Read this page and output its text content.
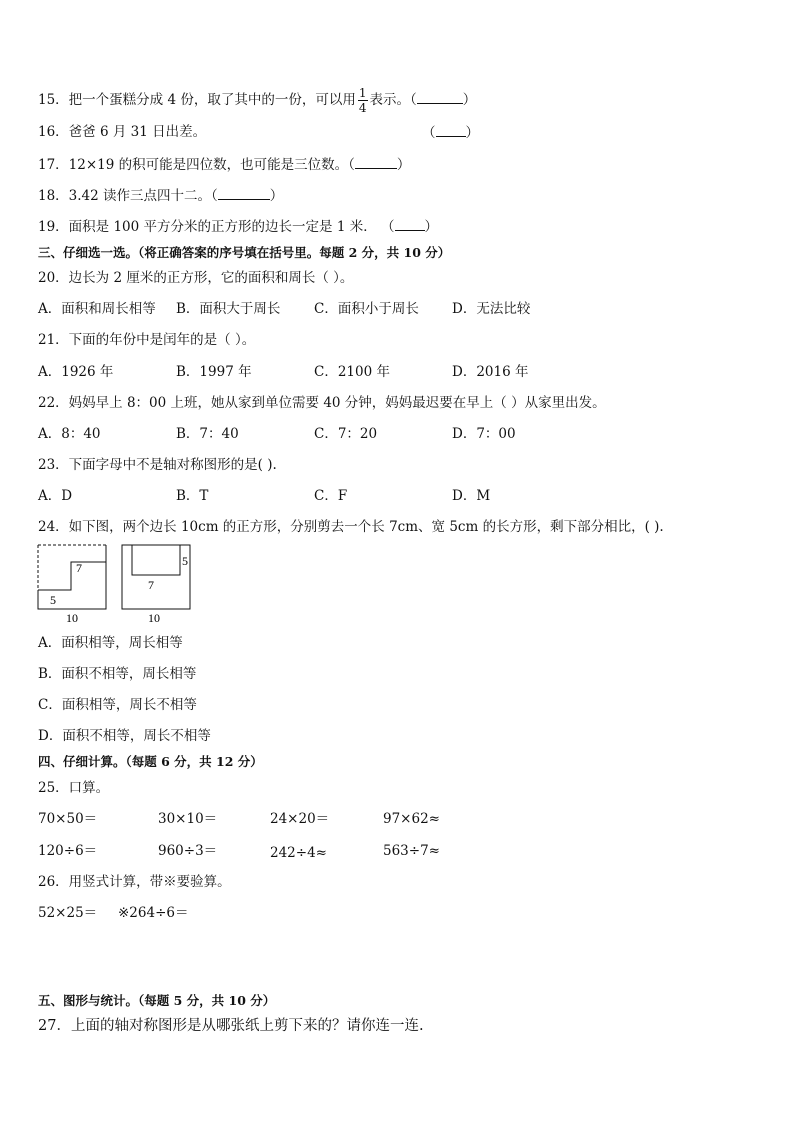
15．把一个蛋糕分成 4 份，取了其中的一份，可以用 $\frac{1}{4}$ 表示。（	）
16．爸爸 6 月 31 日出差。	（ ）
17．12×19 的积可能是四位数，也可能是三位数。（	）
18．3.42 读作三点四十二。（	）
19．面积是 100 平方分米的正方形的边长一定是 1 米． （ ）
三、仔细选一选。（将正确答案的序号填在括号里。每题 2 分，共 10 分）
20．边长为 2 厘米的正方形，它的面积和周长（ ）。
A．面积和周长相等 B．面积大于周长 C．面积小于周长 D．无法比较
21．下面的年份中是闰年的是（ ）。
A．1926 年	B．1997 年	C．2100 年	D．2016 年
22．妈妈早上 8：00 上班，她从家到单位需要 40 分钟，妈妈最迟要在早上（ ）从家里出发。
A．8：40	B．7：40	C．7：20	D．7：00
23．下面字母中不是轴对称图形的是( ).
A．D	B．T	C．F	D．M
24．如下图，两个边长 10cm 的正方形，分别剪去一个长 7cm、宽 5cm 的长方形，剩下部分相比，( ).
7
5
10
5
7
10
A．面积相等，周长相等
B．面积不相等，周长相等
C．面积相等，周长不相等
D．面积不相等，周长不相等
四、仔细计算。（每题 6 分，共 12 分）
25．口算。
70×50＝	30×10＝	24×20＝	97×62≈
120÷6＝	960÷3＝	242÷4≈	563÷7≈
26．用竖式计算，带※要验算。
52×25＝ ※264÷6＝
五、图形与统计。（每题 5 分，共 10 分）
27．上面的轴对称图形是从哪张纸上剪下来的？请你连一连.
